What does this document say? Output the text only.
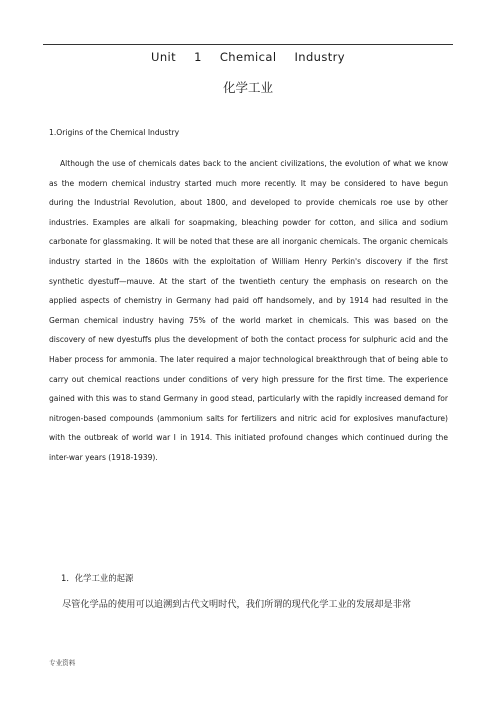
Unit 1 Chemical Industry
化学工业
1.Origins of the Chemical Industry

Although the use of chemicals dates back to the ancient civilizations, the evolution of what we know as the modern chemical industry started much more recently. It may be considered to have begun during the Industrial Revolution, about 1800, and developed to provide chemicals roe use by other industries. Examples are alkali for soapmaking, bleaching powder for cotton, and silica and sodium carbonate for glassmaking. It will be noted that these are all inorganic chemicals. The organic chemicals industry started in the 1860s with the exploitation of William Henry Perkin's discovery if the first synthetic dyestuff—mauve. At the start of the twentieth century the emphasis on research on the applied aspects of chemistry in Germany had paid off handsomely, and by 1914 had resulted in the German chemical industry having 75% of the world market in chemicals. This was based on the discovery of new dyestuffs plus the development of both the contact process for sulphuric acid and the Haber process for ammonia. The later required a major technological breakthrough that of being able to carry out chemical reactions under conditions of very high pressure for the first time. The experience gained with this was to stand Germany in good stead, particularly with the rapidly increased demand for nitrogen-based compounds (ammonium salts for fertilizers and nitric acid for explosives manufacture) with the outbreak of world war Ⅰ in 1914. This initiated profound changes which continued during the inter-war years (1918-1939).

1．化学工业的起源

尽管化学品的使用可以追溯到古代文明时代，我们所谓的现代化学工业的发展却是非常

专业资料
